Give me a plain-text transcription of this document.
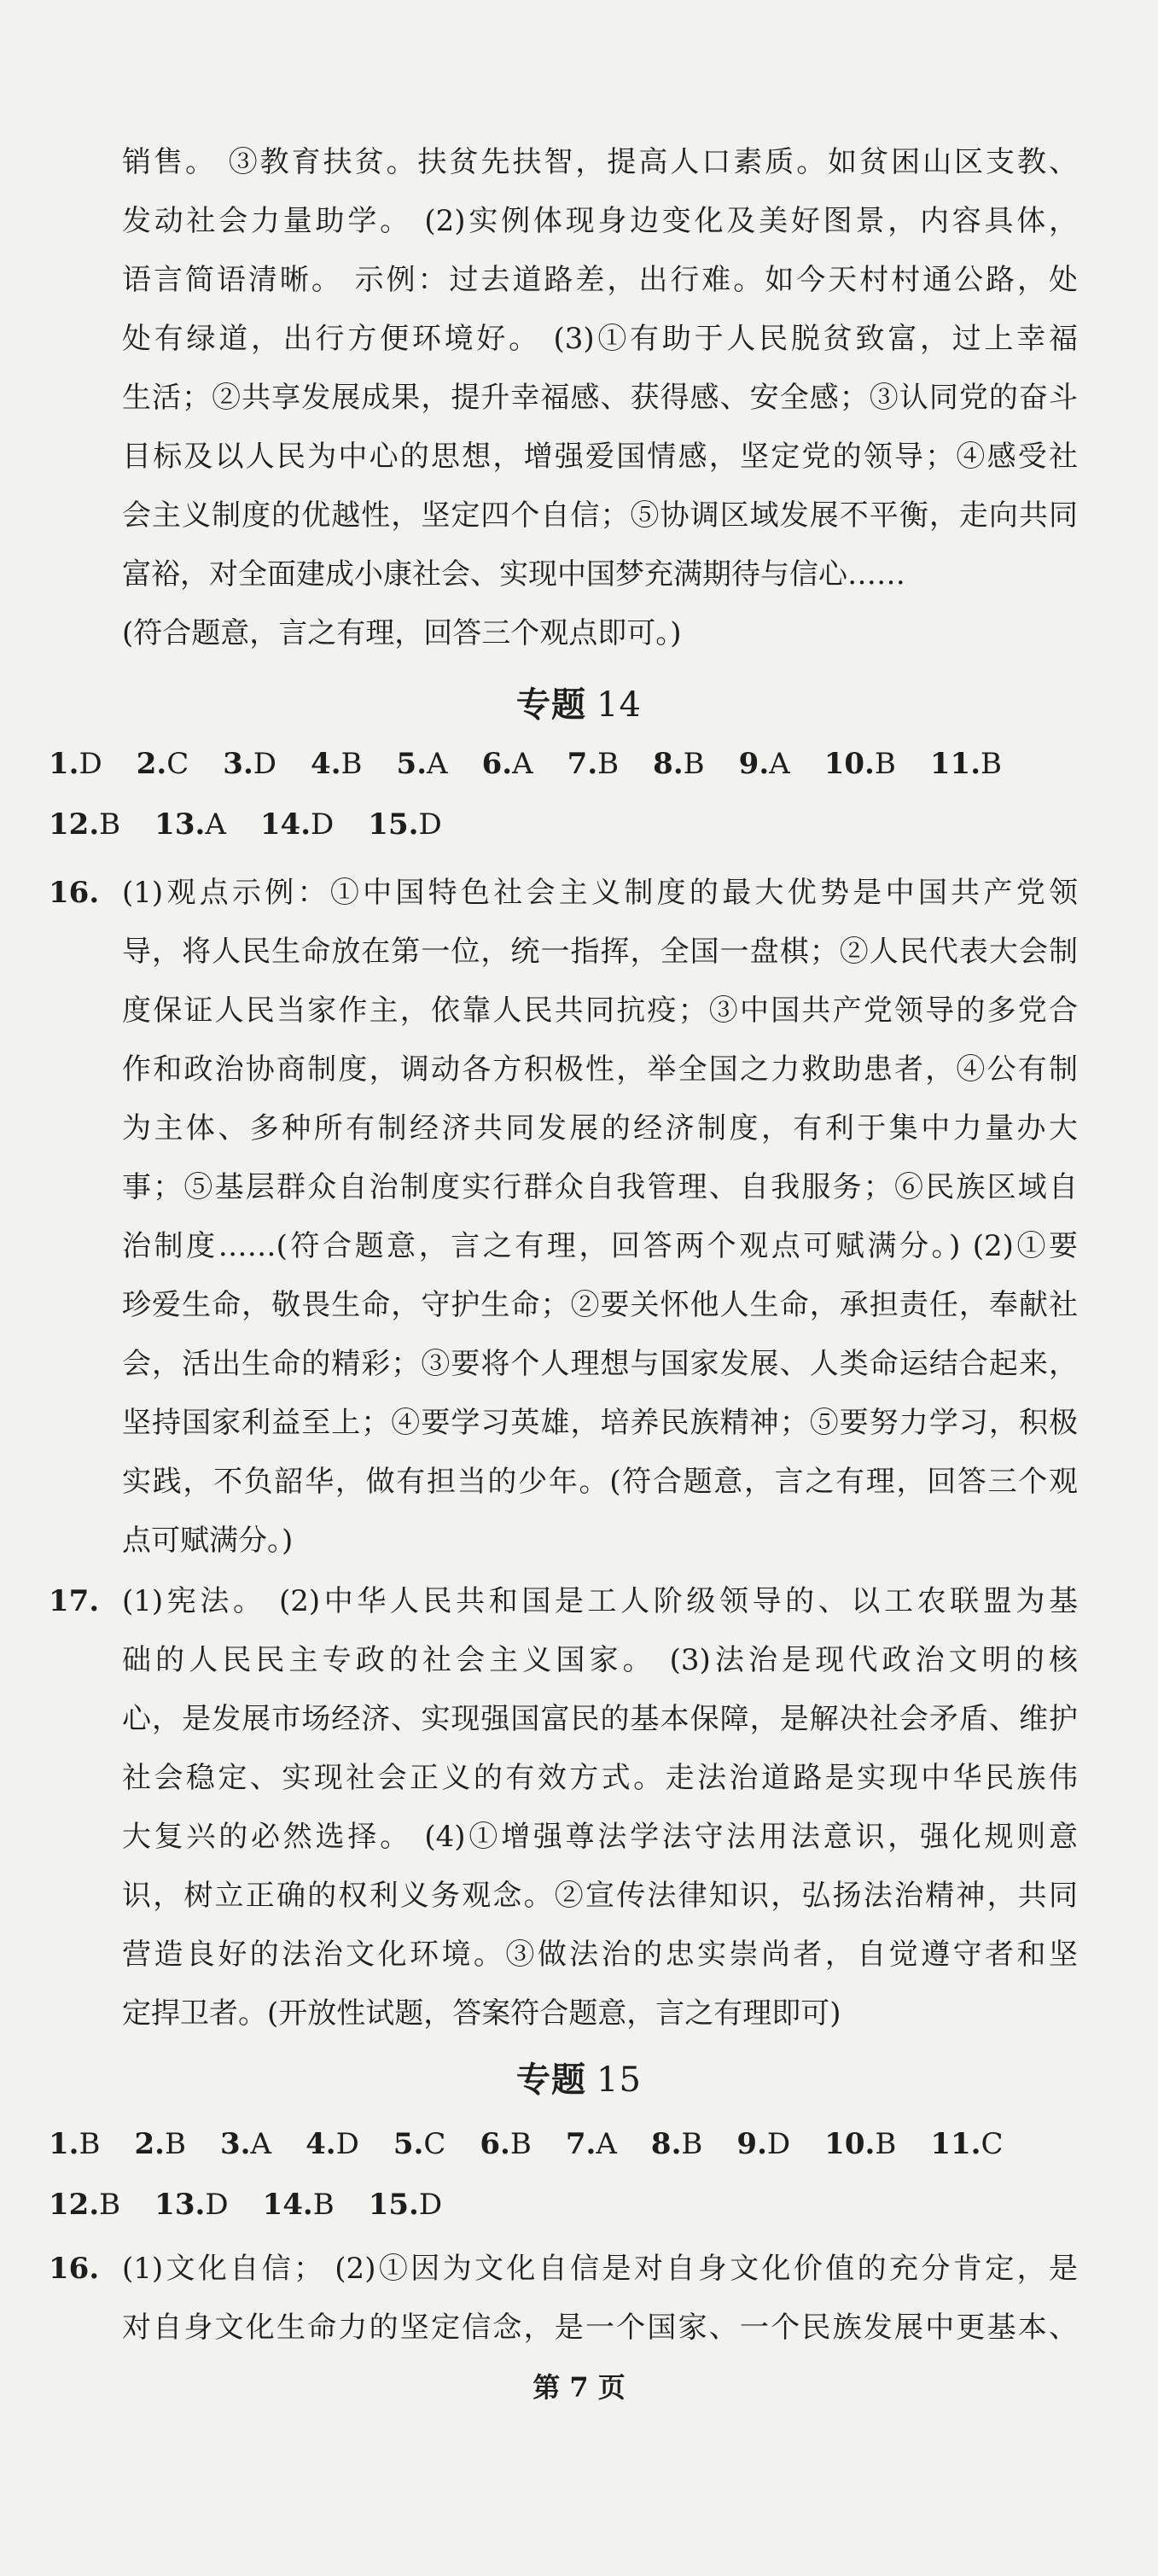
销售。 ③教育扶贫。扶贫先扶智，提高人口素质。如贫困山区支教、
发动社会力量助学。 (2)实例体现身边变化及美好图景，内容具体，
语言简语清晰。 示例：过去道路差，出行难。如今天村村通公路，处
处有绿道，出行方便环境好。 (3)①有助于人民脱贫致富，过上幸福
生活；②共享发展成果，提升幸福感、获得感、安全感；③认同党的奋斗
目标及以人民为中心的思想，增强爱国情感，坚定党的领导；④感受社
会主义制度的优越性，坚定四个自信；⑤协调区域发展不平衡，走向共同
富裕，对全面建成小康社会、实现中国梦充满期待与信心……
(符合题意，言之有理，回答三个观点即可。)
专题 14
1.D 2.C 3.D 4.B 5.A 6.A 7.B 8.B 9.A 10.B 11.B
12.B 13.A 14.D 15.D
16. (1)观点示例：①中国特色社会主义制度的最大优势是中国共产党领
导，将人民生命放在第一位，统一指挥，全国一盘棋；②人民代表大会制
度保证人民当家作主，依靠人民共同抗疫；③中国共产党领导的多党合
作和政治协商制度，调动各方积极性，举全国之力救助患者，④公有制
为主体、多种所有制经济共同发展的经济制度，有利于集中力量办大
事；⑤基层群众自治制度实行群众自我管理、自我服务；⑥民族区域自
治制度……(符合题意，言之有理，回答两个观点可赋满分。) (2)①要
珍爱生命，敬畏生命，守护生命；②要关怀他人生命，承担责任，奉献社
会，活出生命的精彩；③要将个人理想与国家发展、人类命运结合起来，
坚持国家利益至上；④要学习英雄，培养民族精神；⑤要努力学习，积极
实践，不负韶华，做有担当的少年。(符合题意，言之有理，回答三个观
点可赋满分。)
17. (1)宪法。 (2)中华人民共和国是工人阶级领导的、以工农联盟为基
础的人民民主专政的社会主义国家。 (3)法治是现代政治文明的核
心，是发展市场经济、实现强国富民的基本保障，是解决社会矛盾、维护
社会稳定、实现社会正义的有效方式。走法治道路是实现中华民族伟
大复兴的必然选择。 (4)①增强尊法学法守法用法意识，强化规则意
识，树立正确的权利义务观念。②宣传法律知识，弘扬法治精神，共同
营造良好的法治文化环境。③做法治的忠实崇尚者，自觉遵守者和坚
定捍卫者。(开放性试题，答案符合题意，言之有理即可)
专题 15
1.B 2.B 3.A 4.D 5.C 6.B 7.A 8.B 9.D 10.B 11.C
12.B 13.D 14.B 15.D
16. (1)文化自信； (2)①因为文化自信是对自身文化价值的充分肯定，是
对自身文化生命力的坚定信念，是一个国家、一个民族发展中更基本、
第 7 页
